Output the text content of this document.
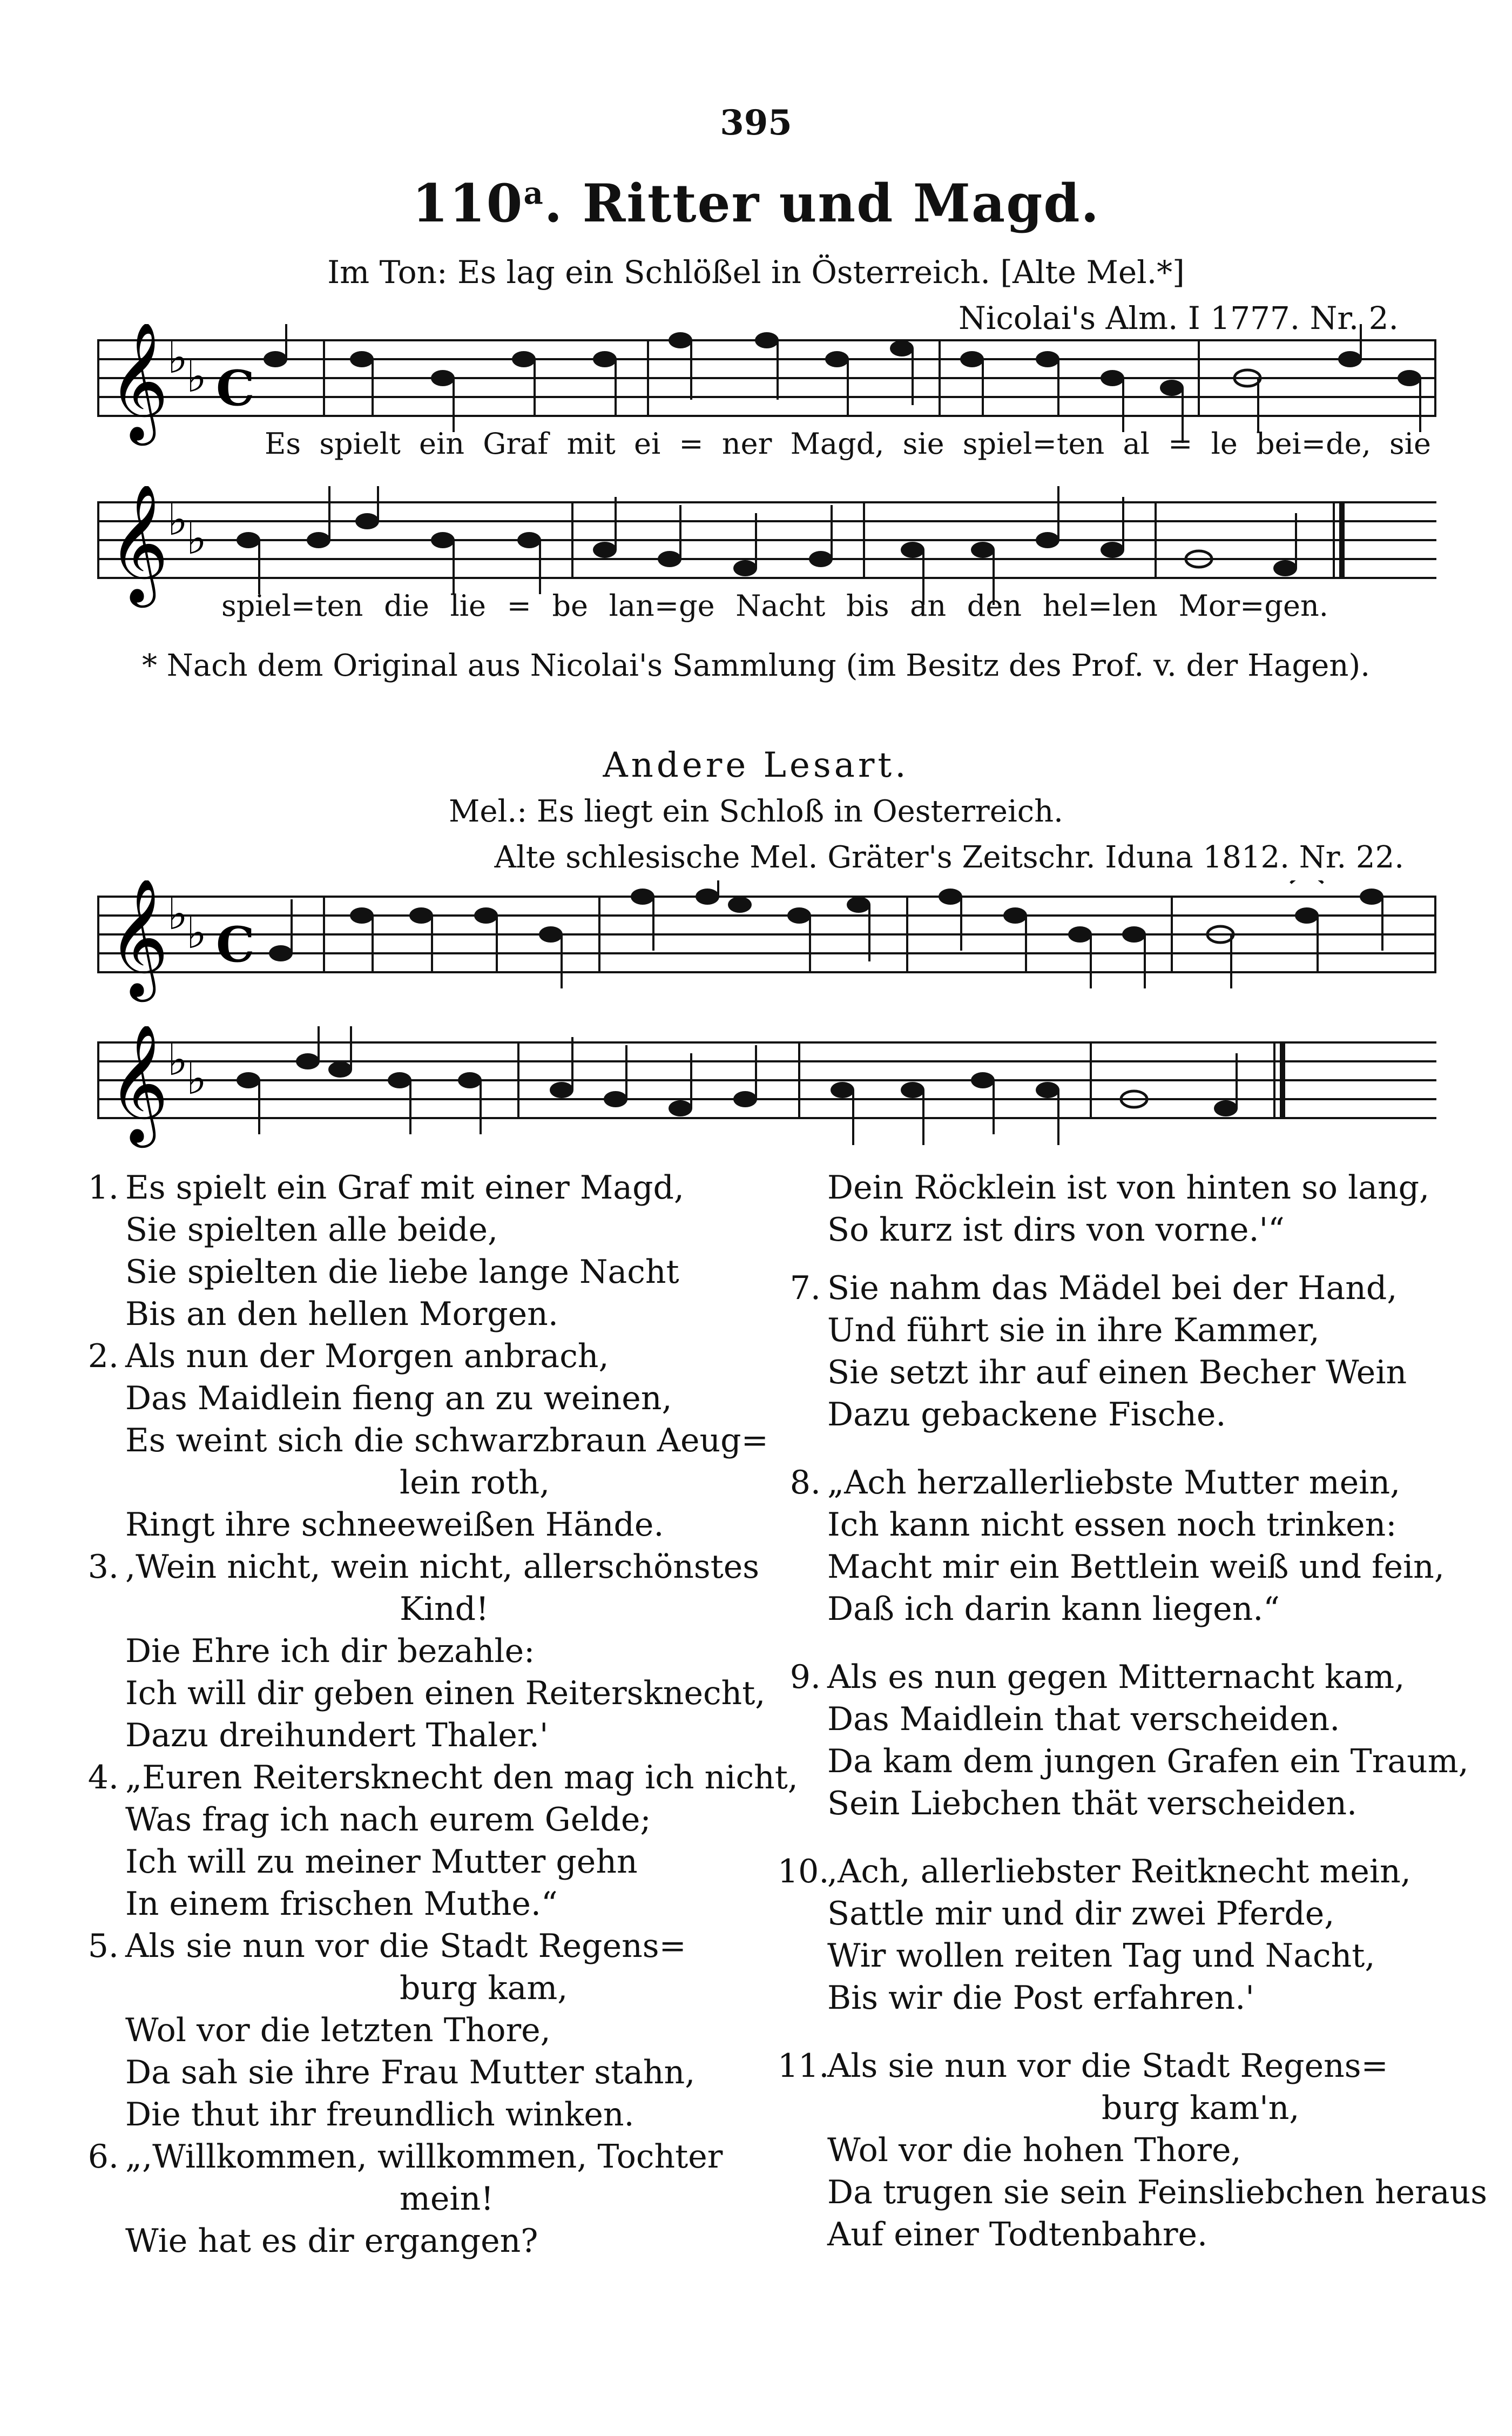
395
110$^a$. Ritter und Magd.
Im Ton: Es lag ein Schlößel in Österreich. [Alte Mel.*]
Nicolai's Alm. I 1777. Nr. 2.
𝄞
♭
♭ C
Es spielt ein Graf mit ei = ner Magd, sie spiel=ten al = le bei=de, sie
𝄞
♭
♭
spiel=ten die lie = be lan=ge Nacht bis an den hel=len Mor=gen.
* Nach dem Original aus Nicolai's Sammlung (im Besitz des Prof. v. der Hagen).
Andere Lesart.
Mel.: Es liegt ein Schloß in Oesterreich.
Alte schlesische Mel. Gräter's Zeitschr. Iduna 1812. Nr. 22.
𝄞
♭
♭ C
𝄞
♭
♭
1. Es spielt ein Graf mit einer Magd,
Sie spielten alle beide,
Sie spielten die liebe lange Nacht
Bis an den hellen Morgen.
2. Als nun der Morgen anbrach,
Das Maidlein fieng an zu weinen,
Es weint sich die schwarzbraun Aeug=
lein roth,
Ringt ihre schneeweißen Hände.
3. ,Wein nicht, wein nicht, allerschönstes
Kind!
Die Ehre ich dir bezahle:
Ich will dir geben einen Reitersknecht,
Dazu dreihundert Thaler.'
4. „Euren Reitersknecht den mag ich nicht,
Was frag ich nach eurem Gelde;
Ich will zu meiner Mutter gehn
In einem frischen Muthe.“
5. Als sie nun vor die Stadt Regens=
burg kam,
Wol vor die letzten Thore,
Da sah sie ihre Frau Mutter stahn,
Die thut ihr freundlich winken.
6. „,Willkommen, willkommen, Tochter
mein!
Wie hat es dir ergangen?
Dein Röcklein ist von hinten so lang,
So kurz ist dirs von vorne.'“
7. Sie nahm das Mädel bei der Hand,
Und führt sie in ihre Kammer,
Sie setzt ihr auf einen Becher Wein
Dazu gebackene Fische.
8. „Ach herzallerliebste Mutter mein,
Ich kann nicht essen noch trinken:
Macht mir ein Bettlein weiß und fein,
Daß ich darin kann liegen.“
9. Als es nun gegen Mitternacht kam,
Das Maidlein that verscheiden.
Da kam dem jungen Grafen ein Traum,
Sein Liebchen thät verscheiden.
10.
,Ach, allerliebster Reitknecht mein,
Sattle mir und dir zwei Pferde,
Wir wollen reiten Tag und Nacht,
Bis wir die Post erfahren.'
11.
Als sie nun vor die Stadt Regens=
burg kam'n,
Wol vor die hohen Thore,
Da trugen sie sein Feinsliebchen heraus
Auf einer Todtenbahre.
